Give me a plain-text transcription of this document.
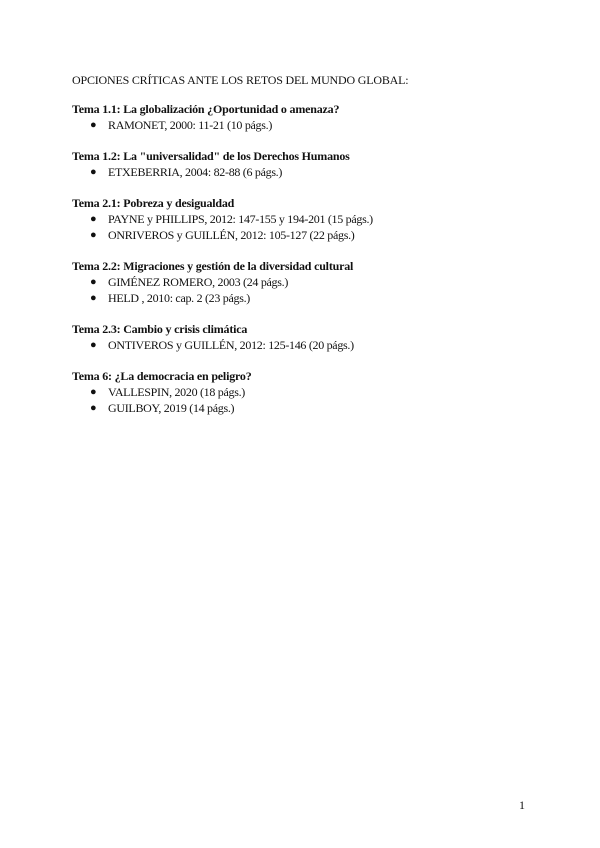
OPCIONES CRÍTICAS ANTE LOS RETOS DEL MUNDO GLOBAL:

Tema 1.1: La globalización ¿Oportunidad o amenaza?

● RAMONET, 2000: 11-21 (10 págs.)

Tema 1.2: La "universalidad" de los Derechos Humanos

● ETXEBERRIA, 2004: 82-88 (6 págs.)

Tema 2.1: Pobreza y desigualdad

● PAYNE y PHILLIPS, 2012: 147-155 y 194-201 (15 págs.)
● ONRIVEROS y GUILLÉN, 2012: 105-127 (22 págs.)

Tema 2.2: Migraciones y gestión de la diversidad cultural

● GIMÉNEZ ROMERO, 2003 (24 págs.)
● HELD , 2010: cap. 2 (23 págs.)

Tema 2.3: Cambio y crisis climática

● ONTIVEROS y GUILLÉN, 2012: 125-146 (20 págs.)

Tema 6: ¿La democracia en peligro?

● VALLESPIN, 2020 (18 págs.)
● GUILBOY, 2019 (14 págs.)
1
